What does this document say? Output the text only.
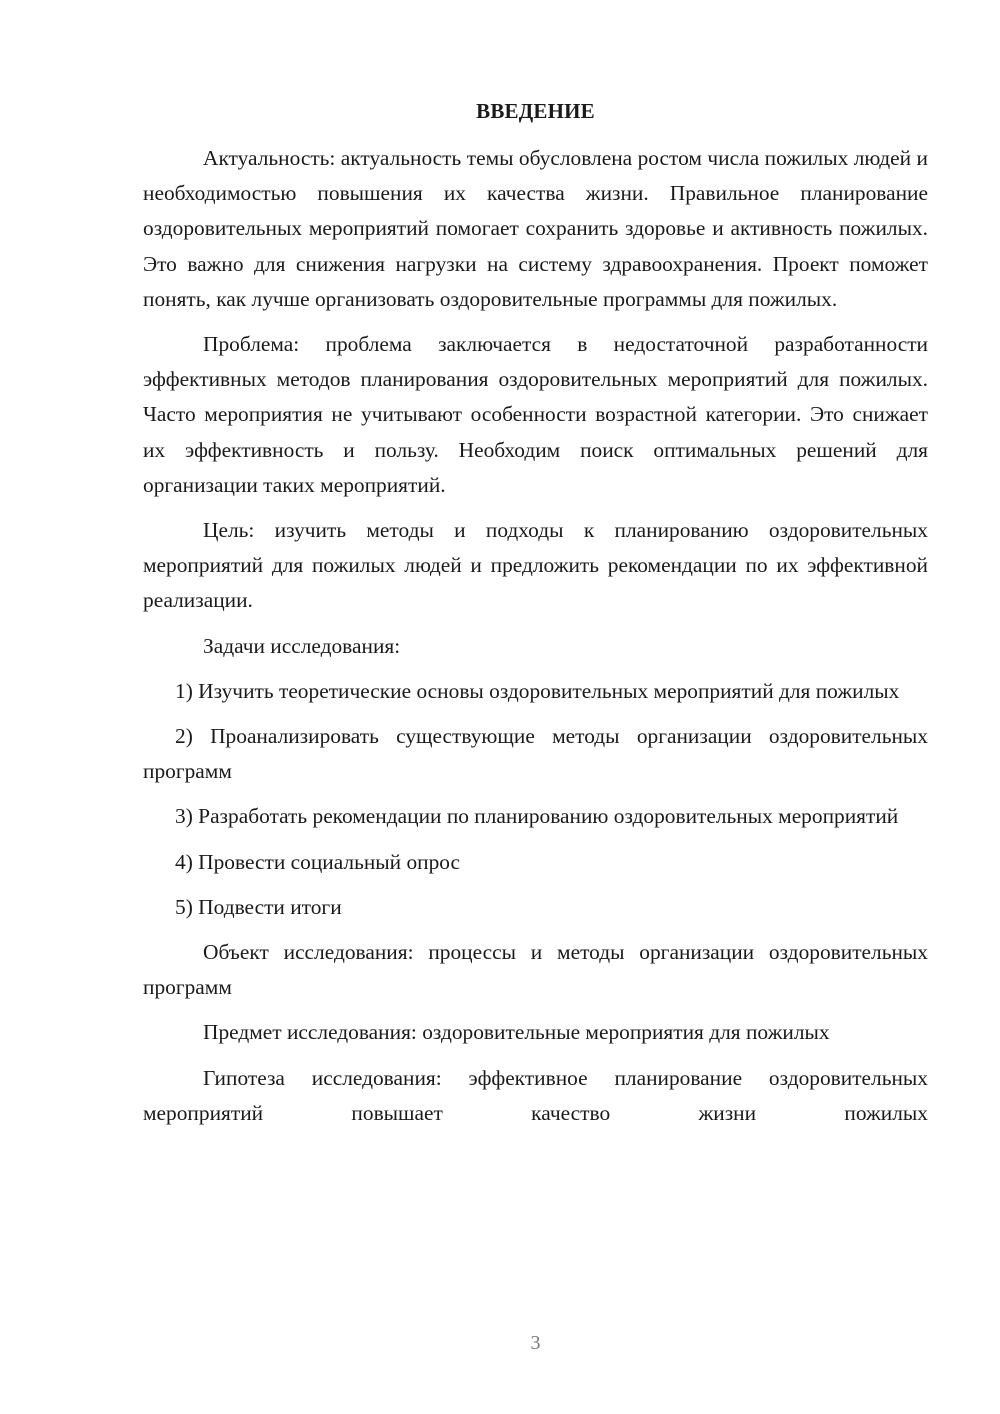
ВВЕДЕНИЕ

Актуальность: актуальность темы обусловлена ростом числа пожилых людей и необходимостью повышения их качества жизни. Правильное планирование оздоровительных мероприятий помогает сохранить здоровье и активность пожилых. Это важно для снижения нагрузки на систему здравоохранения. Проект поможет понять, как лучше организовать оздоровительные программы для пожилых.

Проблема: проблема заключается в недостаточной разработанности эффективных методов планирования оздоровительных мероприятий для пожилых. Часто мероприятия не учитывают особенности возрастной категории. Это снижает их эффективность и пользу. Необходим поиск оптимальных решений для организации таких мероприятий.

Цель: изучить методы и подходы к планированию оздоровительных мероприятий для пожилых людей и предложить рекомендации по их эффективной реализации.

Задачи исследования:

1) Изучить теоретические основы оздоровительных мероприятий для пожилых

2) Проанализировать существующие методы организации оздоровительных программ

3) Разработать рекомендации по планированию оздоровительных мероприятий

4) Провести социальный опрос

5) Подвести итоги

Объект исследования: процессы и методы организации оздоровительных программ

Предмет исследования: оздоровительные мероприятия для пожилых

Гипотеза исследования: эффективное планирование оздоровительных мероприятий повышает качество жизни пожилых

3
